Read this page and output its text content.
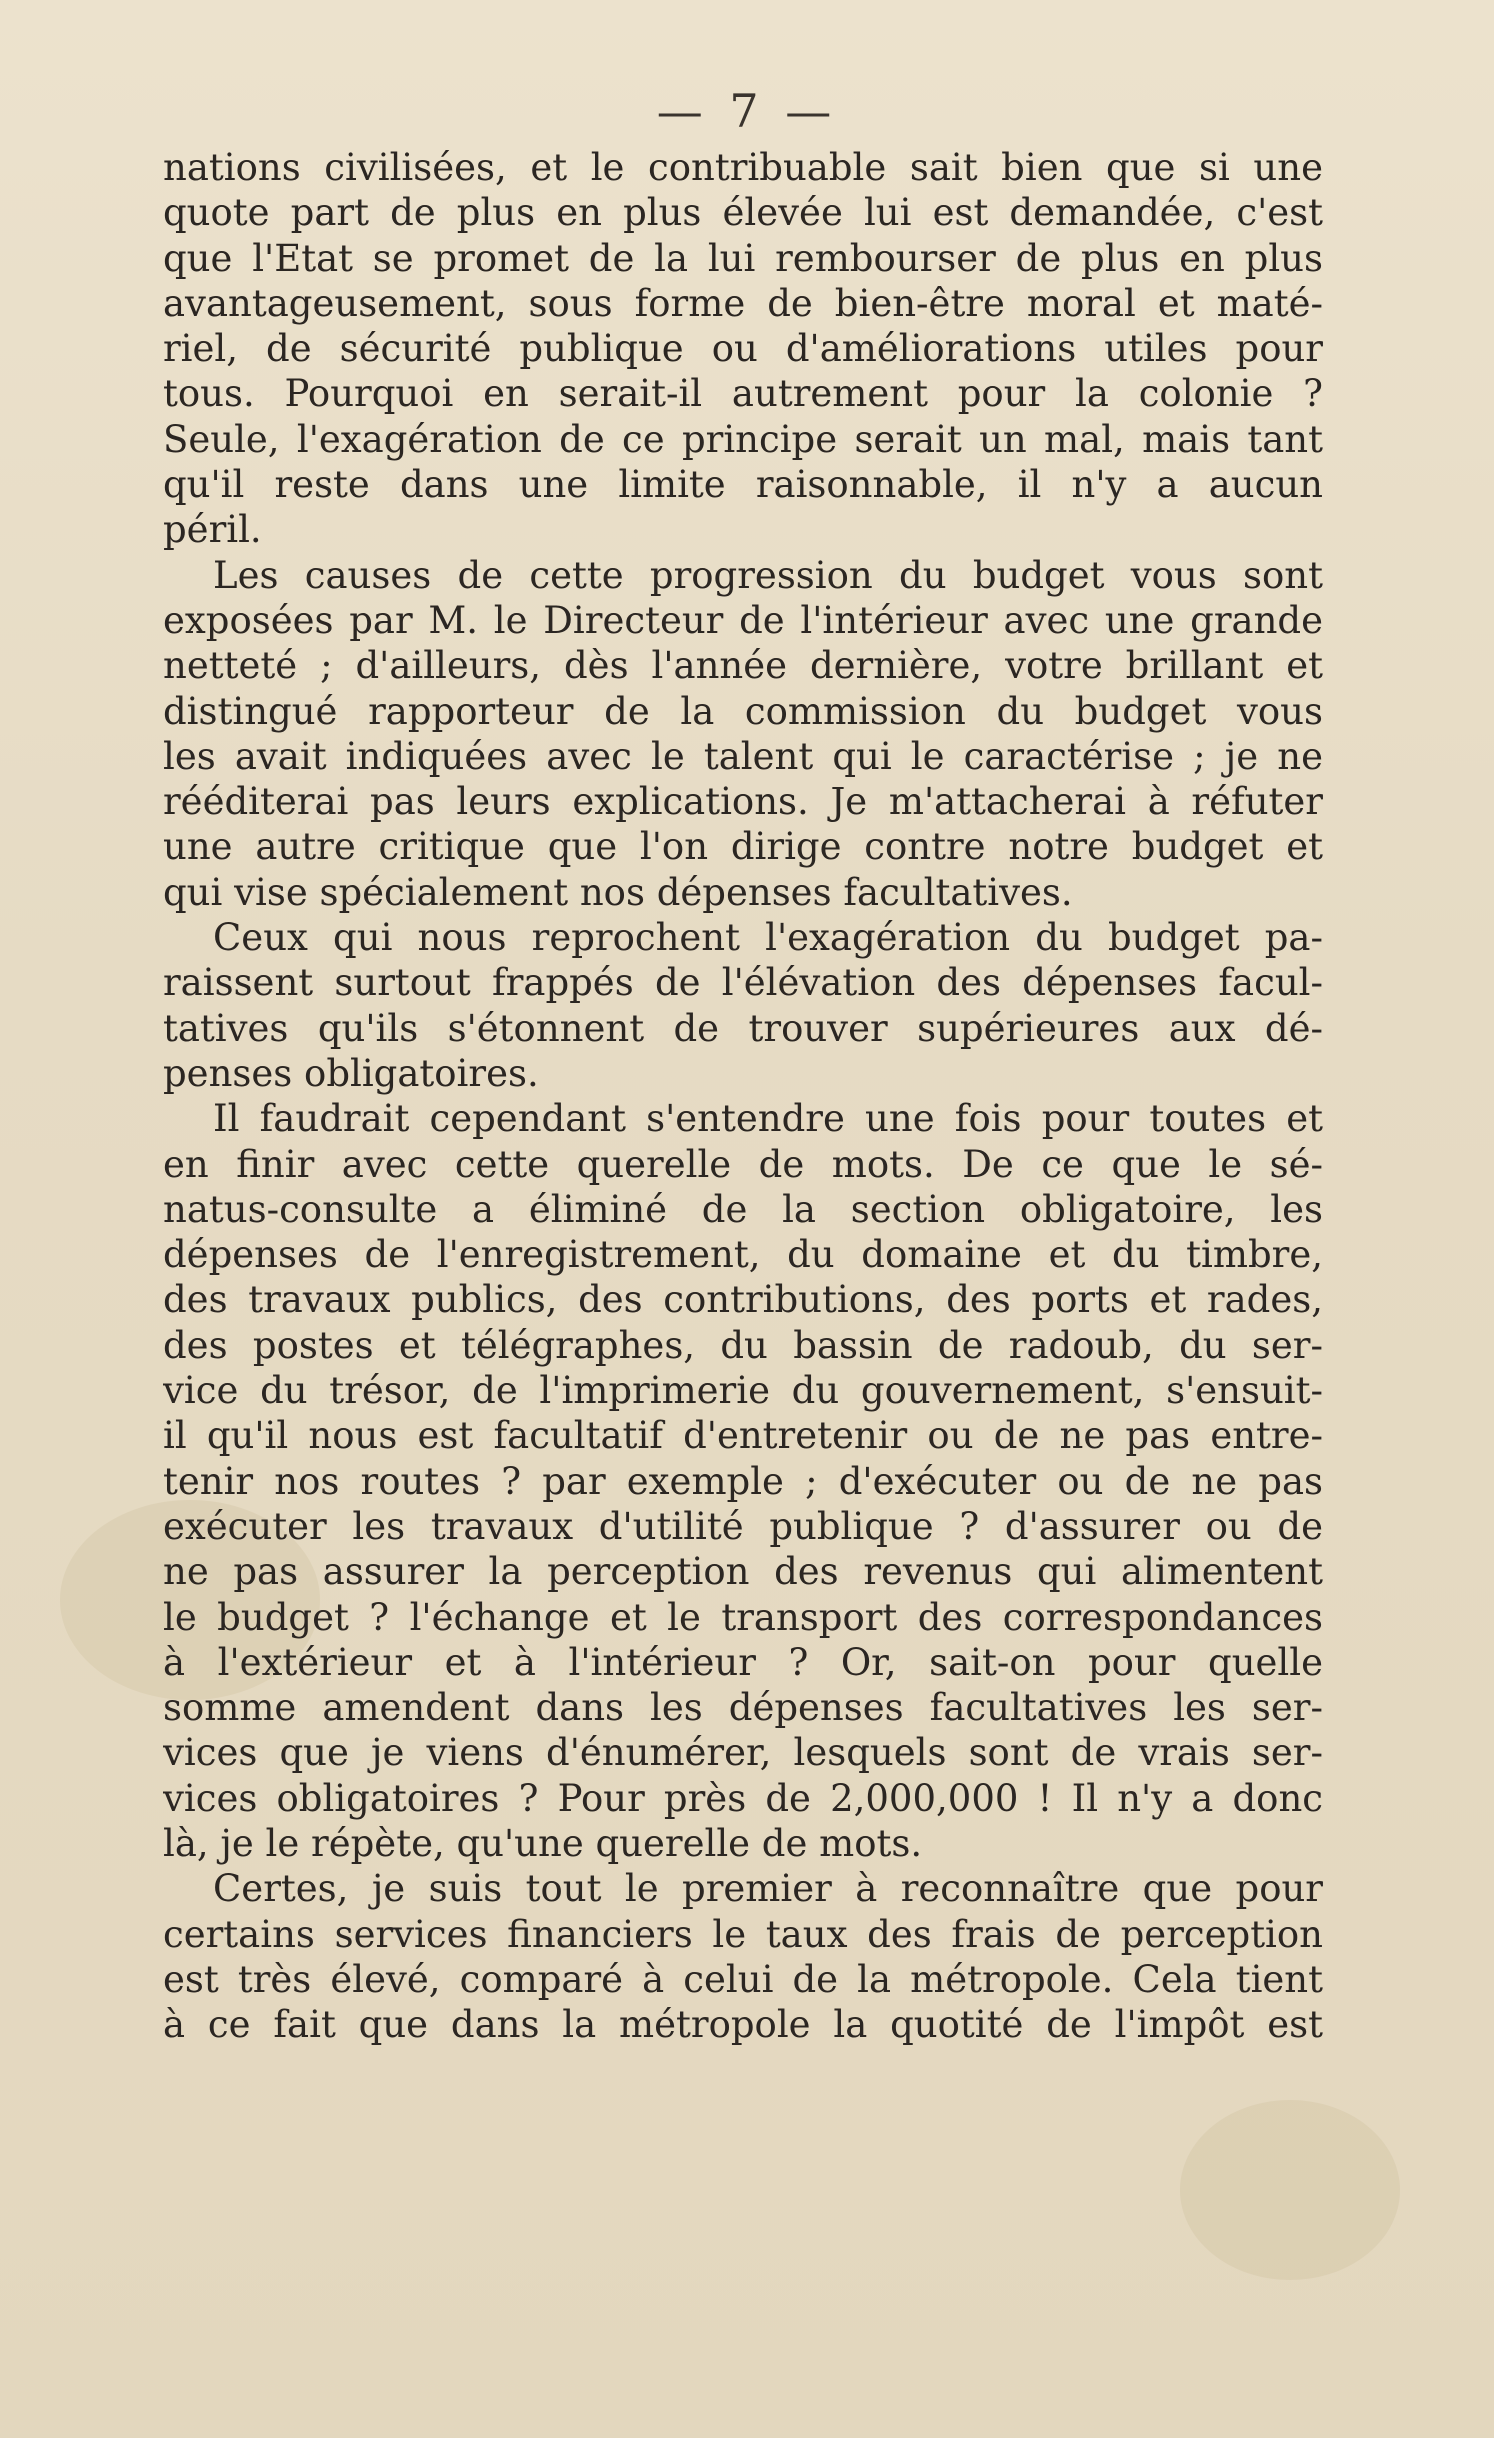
— 7 —
nations civilisées, et le contribuable sait bien que si une
quote part de plus en plus élevée lui est demandée, c'est
que l'Etat se promet de la lui rembourser de plus en plus
avantageusement, sous forme de bien-être moral et maté-
riel, de sécurité publique ou d'améliorations utiles pour
tous. Pourquoi en serait-il autrement pour la colonie ?
Seule, l'exagération de ce principe serait un mal, mais tant
qu'il reste dans une limite raisonnable, il n'y a aucun
péril.
Les causes de cette progression du budget vous sont
exposées par M. le Directeur de l'intérieur avec une grande
netteté ; d'ailleurs, dès l'année dernière, votre brillant et
distingué rapporteur de la commission du budget vous
les avait indiquées avec le talent qui le caractérise ; je ne
rééditerai pas leurs explications. Je m'attacherai à réfuter
une autre critique que l'on dirige contre notre budget et
qui vise spécialement nos dépenses facultatives.
Ceux qui nous reprochent l'exagération du budget pa-
raissent surtout frappés de l'élévation des dépenses facul-
tatives qu'ils s'étonnent de trouver supérieures aux dé-
penses obligatoires.
Il faudrait cependant s'entendre une fois pour toutes et
en finir avec cette querelle de mots. De ce que le sé-
natus-consulte a éliminé de la section obligatoire, les
dépenses de l'enregistrement, du domaine et du timbre,
des travaux publics, des contributions, des ports et rades,
des postes et télégraphes, du bassin de radoub, du ser-
vice du trésor, de l'imprimerie du gouvernement, s'ensuit-
il qu'il nous est facultatif d'entretenir ou de ne pas entre-
tenir nos routes ? par exemple ; d'exécuter ou de ne pas
exécuter les travaux d'utilité publique ? d'assurer ou de
ne pas assurer la perception des revenus qui alimentent
le budget ? l'échange et le transport des correspondances
à l'extérieur et à l'intérieur ? Or, sait-on pour quelle
somme amendent dans les dépenses facultatives les ser-
vices que je viens d'énumérer, lesquels sont de vrais ser-
vices obligatoires ? Pour près de 2,000,000 ! Il n'y a donc
là, je le répète, qu'une querelle de mots.
Certes, je suis tout le premier à reconnaître que pour
certains services financiers le taux des frais de perception
est très élevé, comparé à celui de la métropole. Cela tient
à ce fait que dans la métropole la quotité de l'impôt est
